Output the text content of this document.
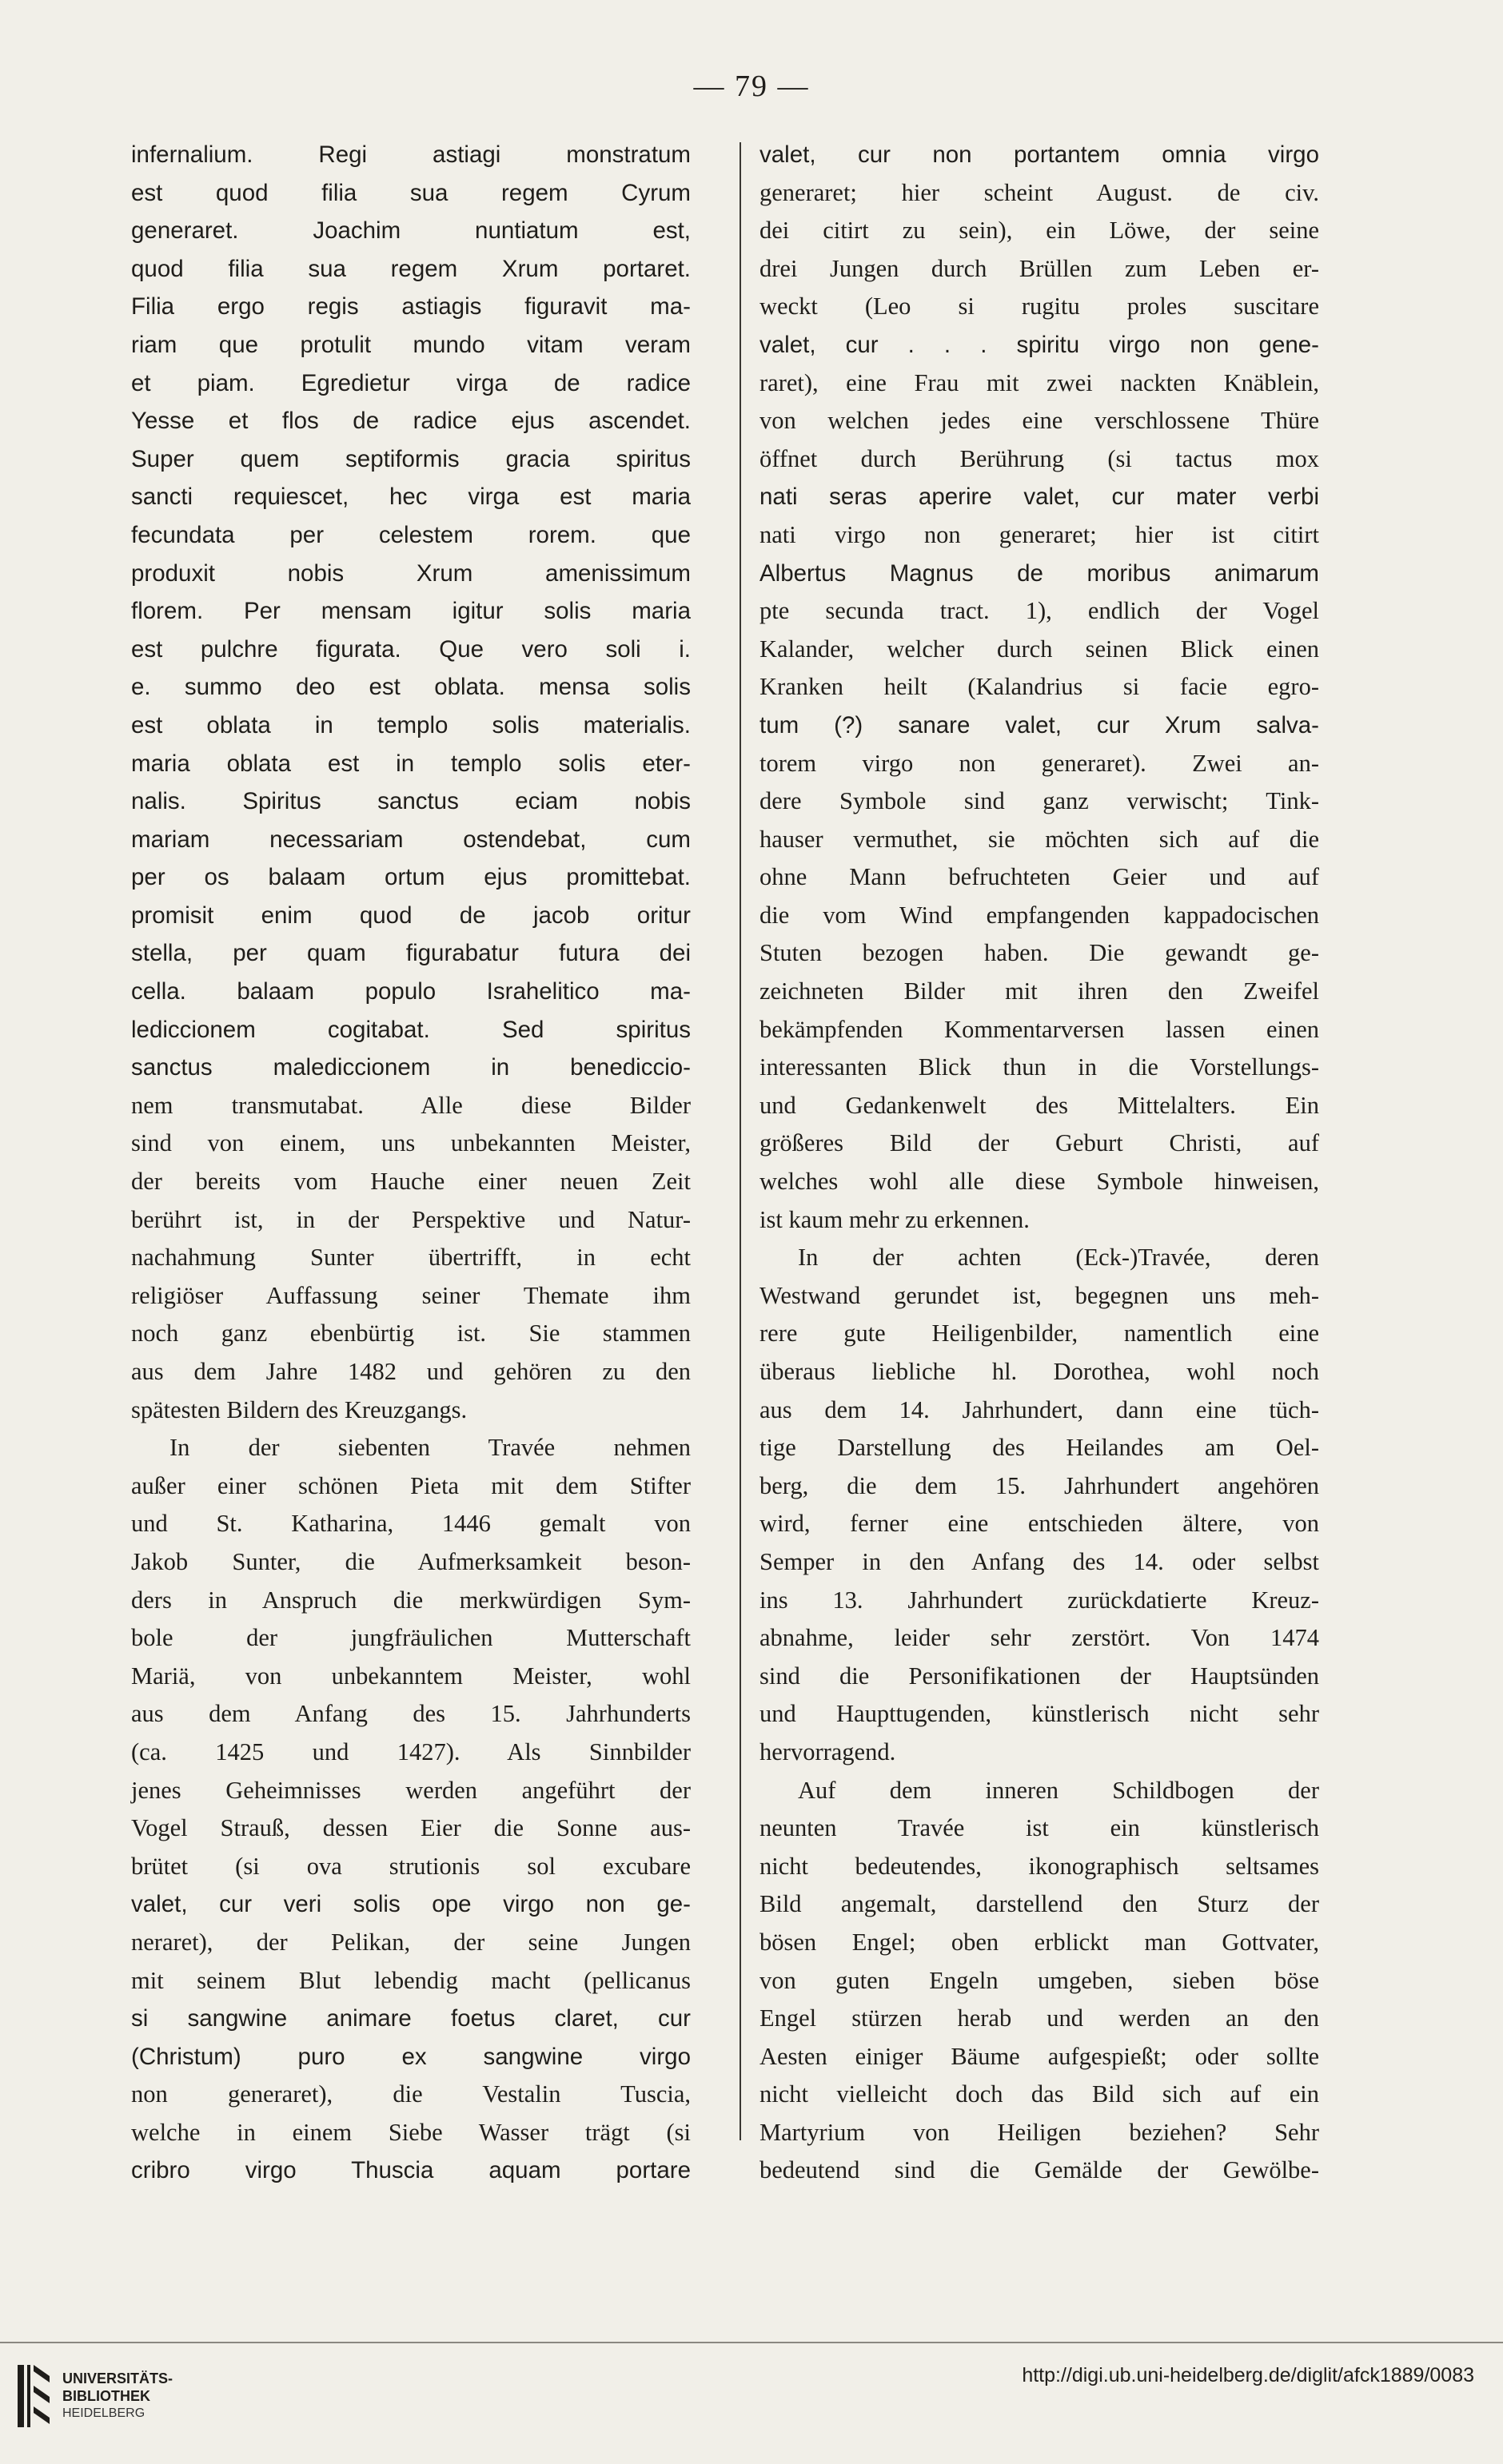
— 79 —

infernalium. Regi astiagi monstratum

est quod filia sua regem Cyrum

generaret. Joachim nuntiatum est,

quod filia sua regem Xrum portaret.

Filia ergo regis astiagis figuravit ma-

riam que protulit mundo vitam veram

et piam. Egredietur virga de radice

Yesse et flos de radice ejus ascendet.

Super quem septiformis gracia spiritus

sancti requiescet, hec virga est maria

fecundata per celestem rorem. que

produxit nobis Xrum amenissimum

florem. Per mensam igitur solis maria

est pulchre figurata. Que vero soli i.

e. summo deo est oblata. mensa solis

est oblata in templo solis materialis.

maria oblata est in templo solis eter-

nalis. Spiritus sanctus eciam nobis

mariam necessariam ostendebat, cum

per os balaam ortum ejus promittebat.

promisit enim quod de jacob oritur

stella, per quam figurabatur futura dei

cella. balaam populo Israhelitico ma-

lediccionem cogitabat. Sed spiritus

sanctus malediccionem in benediccio-

nem transmutabat. Alle diese Bilder

sind von einem, uns unbekannten Meister,

der bereits vom Hauche einer neuen Zeit

berührt ist, in der Perspektive und Natur-

nachahmung Sunter übertrifft, in echt

religiöser Auffassung seiner Themate ihm

noch ganz ebenbürtig ist. Sie stammen

aus dem Jahre 1482 und gehören zu den

spätesten Bildern des Kreuzgangs.

In der siebenten Travée nehmen

außer einer schönen Pieta mit dem Stifter

und St. Katharina, 1446 gemalt von

Jakob Sunter, die Aufmerksamkeit beson-

ders in Anspruch die merkwürdigen Sym-

bole der jungfräulichen Mutterschaft

Mariä, von unbekanntem Meister, wohl

aus dem Anfang des 15. Jahrhunderts

(ca. 1425 und 1427). Als Sinnbilder

jenes Geheimnisses werden angeführt der

Vogel Strauß, dessen Eier die Sonne aus-

brütet (si ova strutionis sol excubare

valet, cur veri solis ope virgo non ge-

neraret), der Pelikan, der seine Jungen

mit seinem Blut lebendig macht (pellicanus

si sangwine animare foetus claret, cur

(Christum) puro ex sangwine virgo

non generaret), die Vestalin Tuscia,

welche in einem Siebe Wasser trägt (si

cribro virgo Thuscia aquam portare

valet, cur non portantem omnia virgo

generaret; hier scheint August. de civ.

dei citirt zu sein), ein Löwe, der seine

drei Jungen durch Brüllen zum Leben er-

weckt (Leo si rugitu proles suscitare

valet, cur . . . spiritu virgo non gene-

raret), eine Frau mit zwei nackten Knäblein,

von welchen jedes eine verschlossene Thüre

öffnet durch Berührung (si tactus mox

nati seras aperire valet, cur mater verbi

nati virgo non generaret; hier ist citirt

Albertus Magnus de moribus animarum

pte secunda tract. 1), endlich der Vogel

Kalander, welcher durch seinen Blick einen

Kranken heilt (Kalandrius si facie egro-

tum (?) sanare valet, cur Xrum salva-

torem virgo non generaret). Zwei an-

dere Symbole sind ganz verwischt; Tink-

hauser vermuthet, sie möchten sich auf die

ohne Mann befruchteten Geier und auf

die vom Wind empfangenden kappadocischen

Stuten bezogen haben. Die gewandt ge-

zeichneten Bilder mit ihren den Zweifel

bekämpfenden Kommentarversen lassen einen

interessanten Blick thun in die Vorstellungs-

und Gedankenwelt des Mittelalters. Ein

größeres Bild der Geburt Christi, auf

welches wohl alle diese Symbole hinweisen,

ist kaum mehr zu erkennen.

In der achten (Eck-)Travée, deren

Westwand gerundet ist, begegnen uns meh-

rere gute Heiligenbilder, namentlich eine

überaus liebliche hl. Dorothea, wohl noch

aus dem 14. Jahrhundert, dann eine tüch-

tige Darstellung des Heilandes am Oel-

berg, die dem 15. Jahrhundert angehören

wird, ferner eine entschieden ältere, von

Semper in den Anfang des 14. oder selbst

ins 13. Jahrhundert zurückdatierte Kreuz-

abnahme, leider sehr zerstört. Von 1474

sind die Personifikationen der Hauptsünden

und Haupttugenden, künstlerisch nicht sehr

hervorragend.

Auf dem inneren Schildbogen der

neunten Travée ist ein künstlerisch

nicht bedeutendes, ikonographisch seltsames

Bild angemalt, darstellend den Sturz der

bösen Engel; oben erblickt man Gottvater,

von guten Engeln umgeben, sieben böse

Engel stürzen herab und werden an den

Aesten einiger Bäume aufgespießt; oder sollte

nicht vielleicht doch das Bild sich auf ein

Martyrium von Heiligen beziehen? Sehr

bedeutend sind die Gemälde der Gewölbe-

UNIVERSITÄTS-
BIBLIOTHEK
HEIDELBERG
http://digi.ub.uni-heidelberg.de/diglit/afck1889/0083
